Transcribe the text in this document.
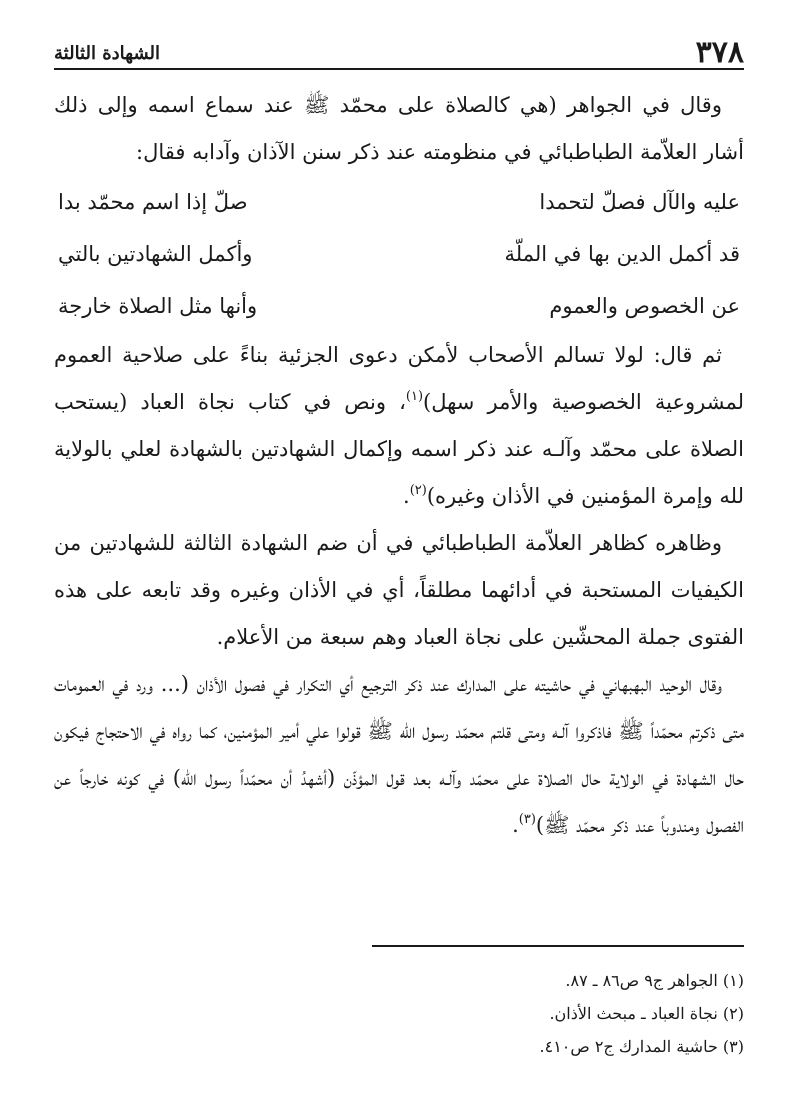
٣٧٨
الشهادة الثالثة

وقال في الجواهر (هي كالصلاة على محمّد ﷺ عند سماع اسمه وإلى ذلك أشار العلاّمة الطباطبائي في منظومته عند ذكر سنن الآذان وآدابه فقال:

عليه والآل فصلّ لتحمدا
صلّ إذا اسم محمّد بدا
قد أكمل الدين بها في الملّة
وأكمل الشهادتين بالتي
عن الخصوص والعموم
وأنها مثل الصلاة خارجة

ثم قال: لولا تسالم الأصحاب لأمكن دعوى الجزئية بناءً على صلاحية العموم لمشروعية الخصوصية والأمر سهل)$^{(١)}$، ونص في كتاب نجاة العباد (يستحب الصلاة على محمّد وآلـه عند ذكر اسمه وإكمال الشهادتين بالشهادة لعلي بالولاية لله وإمرة المؤمنين في الأذان وغيره)$^{(٢)}$.

وظاهره كظاهر العلاّمة الطباطبائي في أن ضم الشهادة الثالثة للشهادتين من الكيفيات المستحبة في أدائهما مطلقاً، أي في الأذان وغيره وقد تابعه على هذه الفتوى جملة المحشّين على نجاة العباد وهم سبعة من الأعلام.

وقال الوحيد البهبهاني في حاشيته على المدارك عند ذكر الترجيع أي التكرار في فصول الأذان (... ورد في العمومات متى ذكرتم محمّداً ﷺ فاذكروا آلـه ومتى قلتم محمّد رسول الله ﷺ قولوا علي أمير المؤمنين، كما رواه في الاحتجاج فيكون حال الشهادة في الولاية حال الصلاة على محمّد وآلـه بعد قول المؤذّن (أشهدُ أن محمّداً رسول الله) في كونه خارجاً عن الفصول ومندوباً عند ذكر محمّد ﷺ)$^{(٣)}$.

(١) الجواهر ج٩ ص٨٦ ـ ٨٧.

(٢) نجاة العباد ـ مبحث الأذان.

(٣) حاشية المدارك ج٢ ص٤١٠.
